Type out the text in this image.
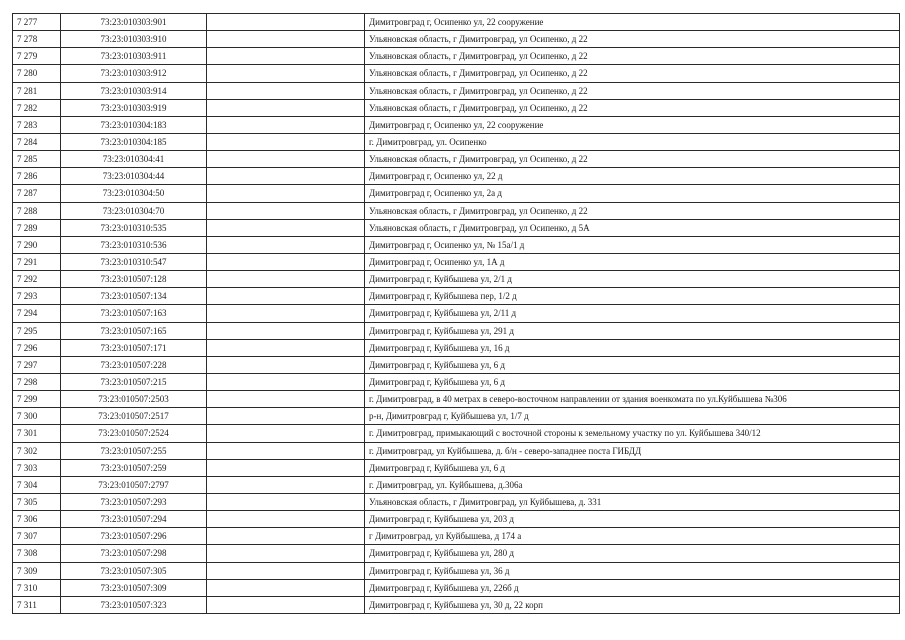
7 277	73:23:010303:901		Димитровград г, Осипенко ул, 22 сооружение
7 278	73:23:010303:910		Ульяновская область, г Димитровград, ул Осипенко, д 22
7 279	73:23:010303:911		Ульяновская область, г Димитровград, ул Осипенко, д 22
7 280	73:23:010303:912		Ульяновская область, г Димитровград, ул Осипенко, д 22
7 281	73:23:010303:914		Ульяновская область, г Димитровград, ул Осипенко, д 22
7 282	73:23:010303:919		Ульяновская область, г Димитровград, ул Осипенко, д 22
7 283	73:23:010304:183		Димитровград г, Осипенко ул, 22 сооружение
7 284	73:23:010304:185		г. Димитровград, ул. Осипенко
7 285	73:23:010304:41		Ульяновская область, г Димитровград, ул Осипенко, д 22
7 286	73:23:010304:44		Димитровград г, Осипенко ул, 22 д
7 287	73:23:010304:50		Димитровград г, Осипенко ул, 2а д
7 288	73:23:010304:70		Ульяновская область, г Димитровград, ул Осипенко, д 22
7 289	73:23:010310:535		Ульяновская область, г Димитровград, ул Осипенко, д 5А
7 290	73:23:010310:536		Димитровград г, Осипенко ул, № 15а/1 д
7 291	73:23:010310:547		Димитровград г, Осипенко ул, 1А д
7 292	73:23:010507:128		Димитровград г, Куйбышева ул, 2/1 д
7 293	73:23:010507:134		Димитровград г, Куйбышева пер, 1/2 д
7 294	73:23:010507:163		Димитровград г, Куйбышева ул, 2/11 д
7 295	73:23:010507:165		Димитровград г, Куйбышева ул, 291 д
7 296	73:23:010507:171		Димитровград г, Куйбышева ул, 16 д
7 297	73:23:010507:228		Димитровград г, Куйбышева ул, 6 д
7 298	73:23:010507:215		Димитровград г, Куйбышева ул, 6 д
7 299	73:23:010507:2503		г. Димитровград, в 40 метрах в северо-восточном направлении от здания военкомата по ул.Куйбышева №306
7 300	73:23:010507:2517		р-н, Димитровград г, Куйбышева ул, 1/7 д
7 301	73:23:010507:2524		г. Димитровград, примыкающий с восточной стороны к земельному участку по ул. Куйбышева 340/12
7 302	73:23:010507:255		г. Димитровград, ул Куйбышева, д. б/н - северо-западнее поста ГИБДД
7 303	73:23:010507:259		Димитровград г, Куйбышева ул, 6 д
7 304	73:23:010507:2797		г. Димитровград, ул. Куйбышева, д.306а
7 305	73:23:010507:293		Ульяновская область, г Димитровград, ул Куйбышева, д. 331
7 306	73:23:010507:294		Димитровград г, Куйбышева ул, 203 д
7 307	73:23:010507:296		г Димитровград, ул Куйбышева, д 174 а
7 308	73:23:010507:298		Димитровград г, Куйбышева ул, 280 д
7 309	73:23:010507:305		Димитровград г, Куйбышева ул, 36 д
7 310	73:23:010507:309		Димитровград г, Куйбышева ул, 226б д
7 311	73:23:010507:323		Димитровград г, Куйбышева ул, 30 д, 22 корп
